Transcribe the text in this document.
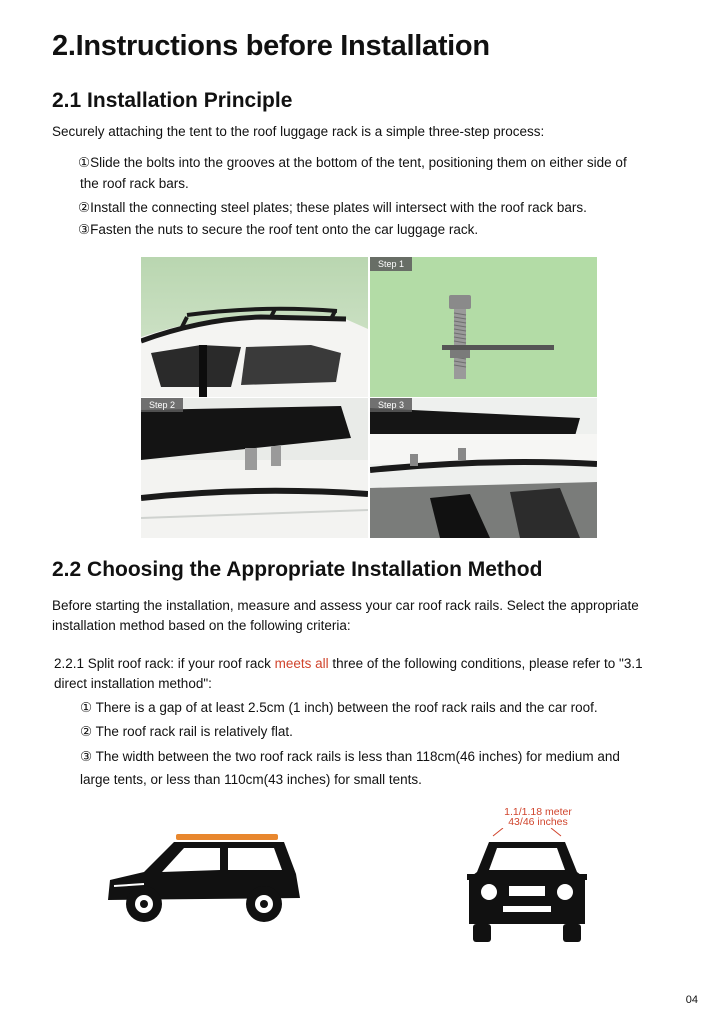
2.Instructions before Installation
2.1 Installation Principle
Securely attaching the tent to the roof luggage rack is a simple three-step process:
①Slide the bolts into the grooves at the bottom of the tent, positioning them on either side of
the roof rack bars.
②Install the connecting steel plates; these plates will intersect with the roof rack bars.
③Fasten the nuts to secure the roof tent onto the car luggage rack.
Step 1
Step 2	Step 3
2.2 Choosing the Appropriate Installation Method
Before starting the installation, measure and assess your car roof rack rails. Select the appropriate
installation method based on the following criteria:
2.2.1 Split roof rack: if your roof rack meets all three of the following conditions, please refer to "3.1
direct installation method":
① There is a gap of at least 2.5cm (1 inch) between the roof rack rails and the car roof.
② The roof rack rail is relatively flat.
③ The width between the two roof rack rails is less than 118cm(46 inches) for medium and
large tents, or less than 110cm(43 inches) for small tents.
1.1/1.18 meter
43/46 inches
04
